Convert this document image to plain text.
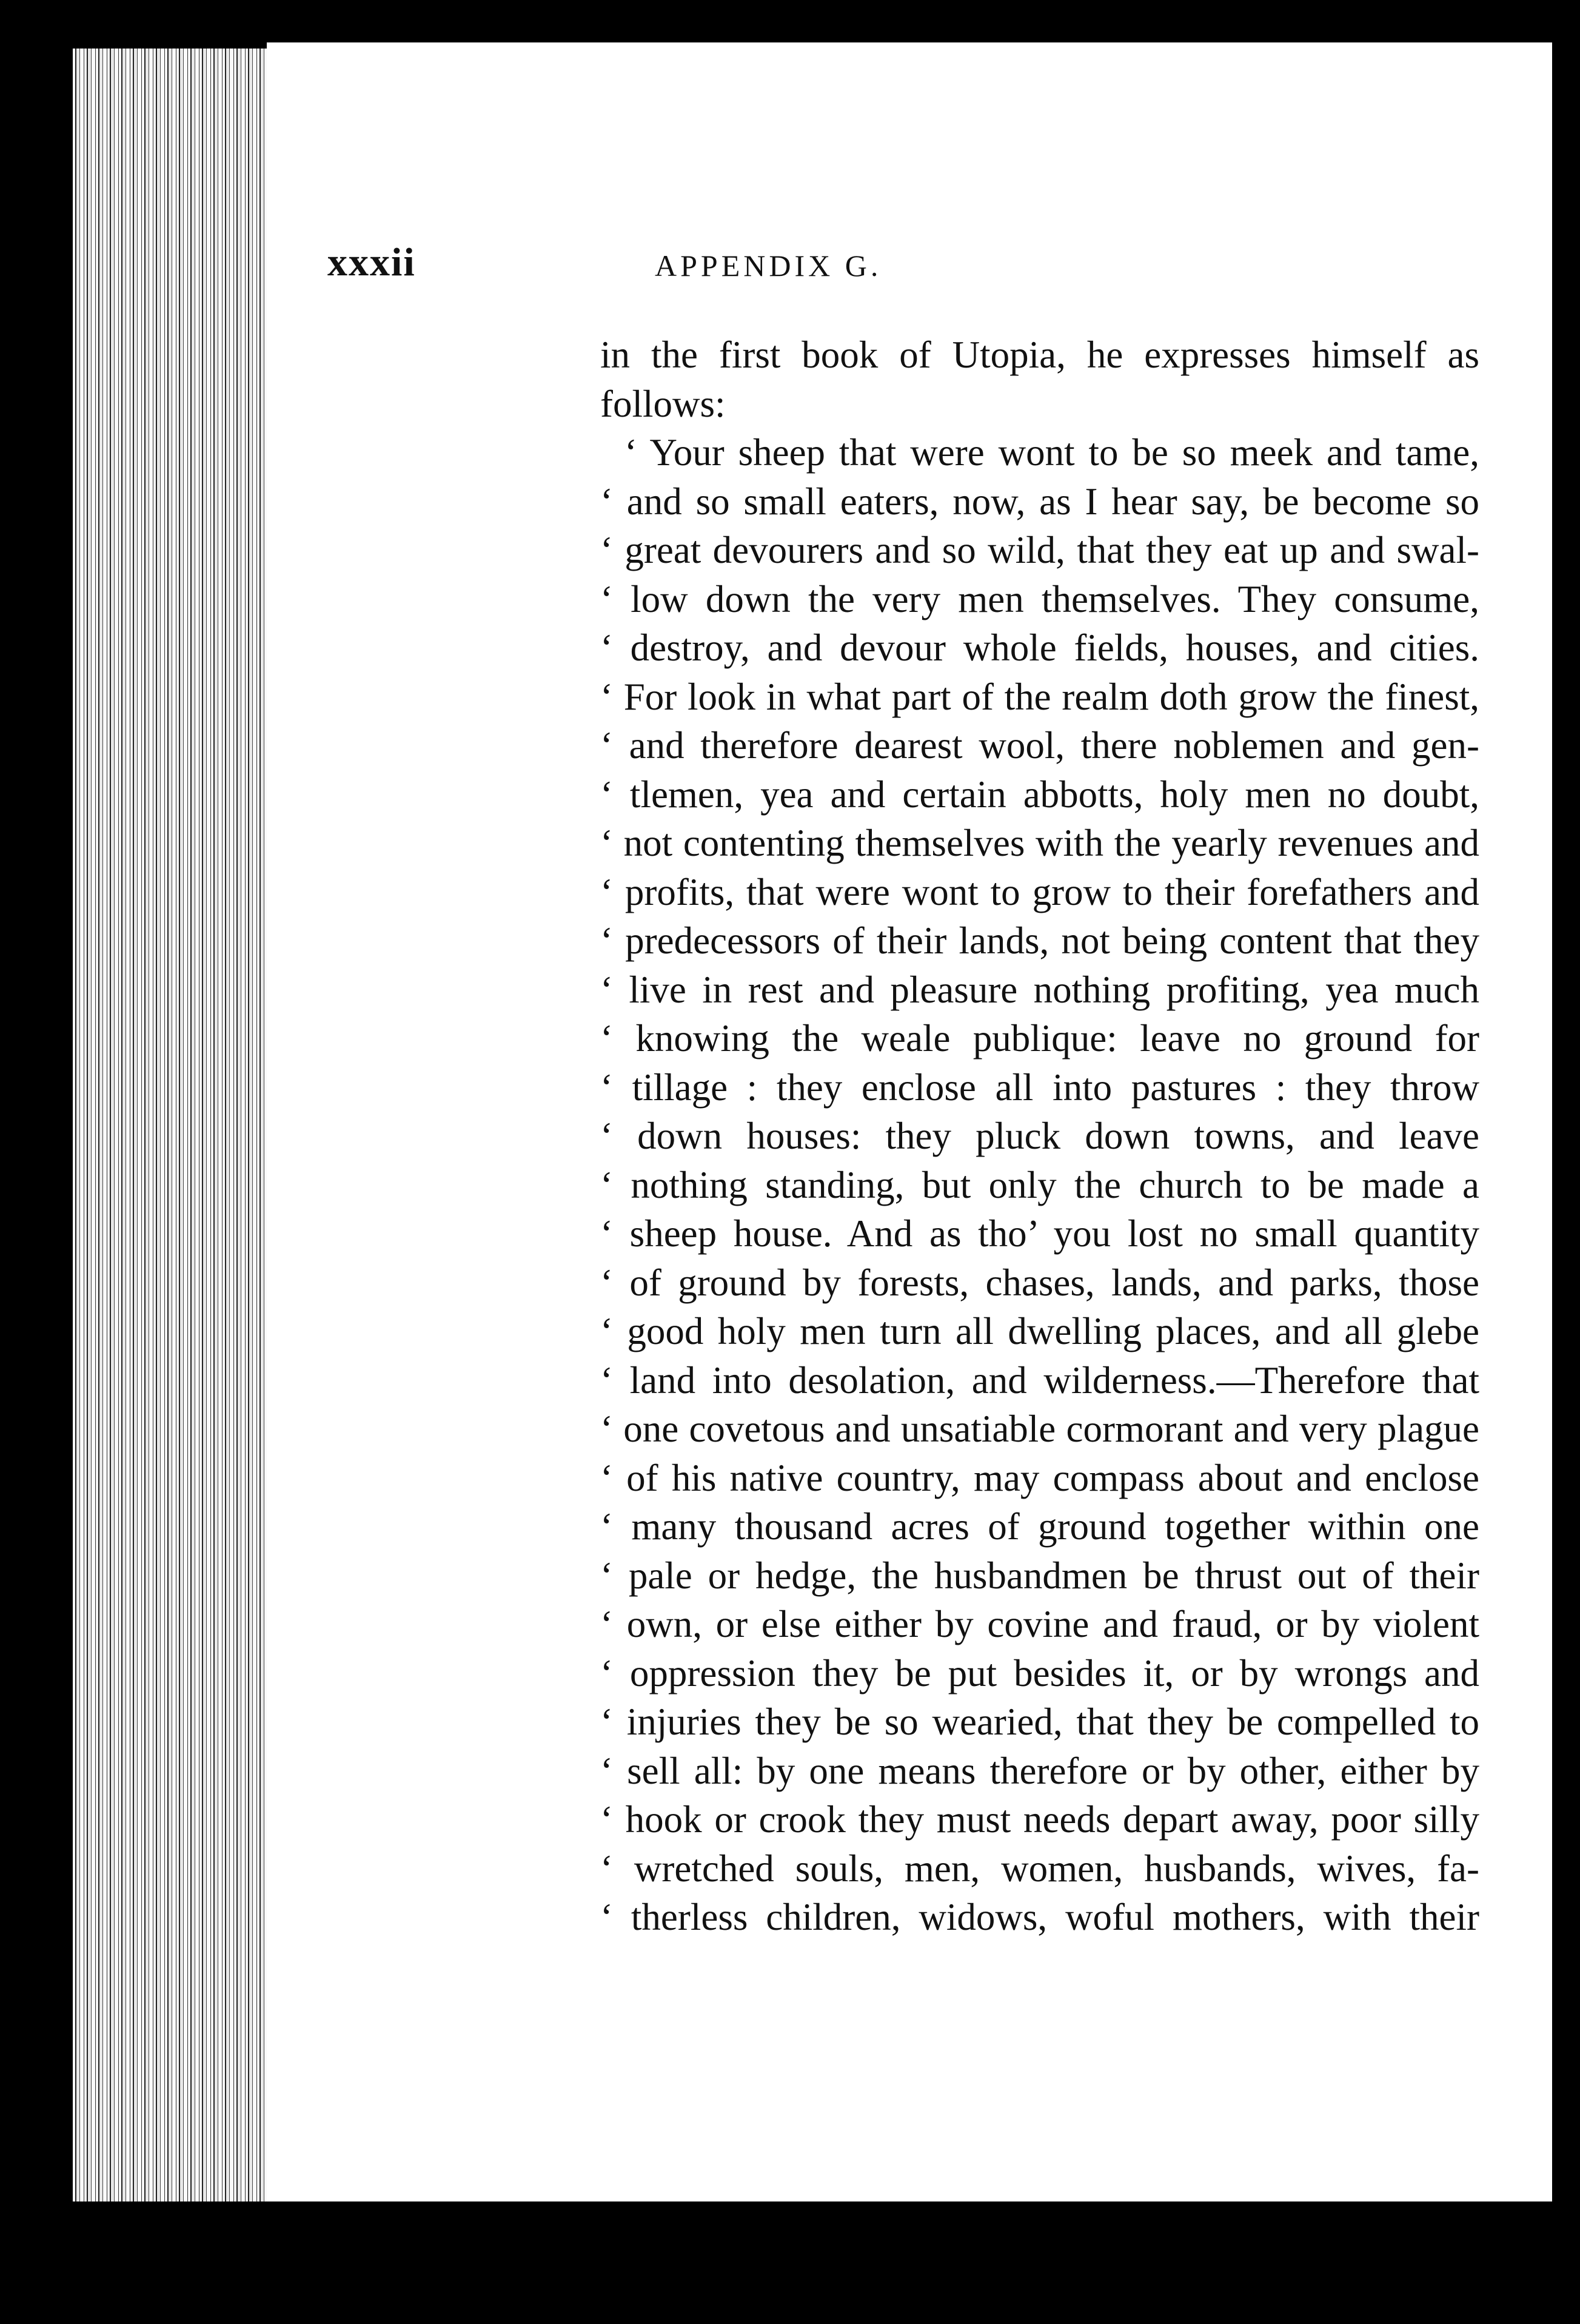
xxxii	APPENDIX G.
in the first book of Utopia, he expresses himself as
follows:
‘ Your sheep that were wont to be so meek and tame,
‘ and so small eaters, now, as I hear say, be become so
‘ great devourers and so wild, that they eat up and swal-
‘ low down the very men themselves. They consume,
‘ destroy, and devour whole fields, houses, and cities.
‘ For look in what part of the realm doth grow the finest,
‘ and therefore dearest wool, there noblemen and gen-
‘ tlemen, yea and certain abbotts, holy men no doubt,
‘ not contenting themselves with the yearly revenues and
‘ profits, that were wont to grow to their forefathers and
‘ predecessors of their lands, not being content that they
‘ live in rest and pleasure nothing profiting, yea much
‘ knowing the weale publique: leave no ground for
‘ tillage : they enclose all into pastures : they throw
‘ down houses: they pluck down towns, and leave
‘ nothing standing, but only the church to be made a
‘ sheep house. And as tho’ you lost no small quantity
‘ of ground by forests, chases, lands, and parks, those
‘ good holy men turn all dwelling places, and all glebe
‘ land into desolation, and wilderness.—Therefore that
‘ one covetous and unsatiable cormorant and very plague
‘ of his native country, may compass about and enclose
‘ many thousand acres of ground together within one
‘ pale or hedge, the husbandmen be thrust out of their
‘ own, or else either by covine and fraud, or by violent
‘ oppression they be put besides it, or by wrongs and
‘ injuries they be so wearied, that they be compelled to
‘ sell all: by one means therefore or by other, either by
‘ hook or crook they must needs depart away, poor silly
‘ wretched souls, men, women, husbands, wives, fa-
‘ therless children, widows, woful mothers, with their
